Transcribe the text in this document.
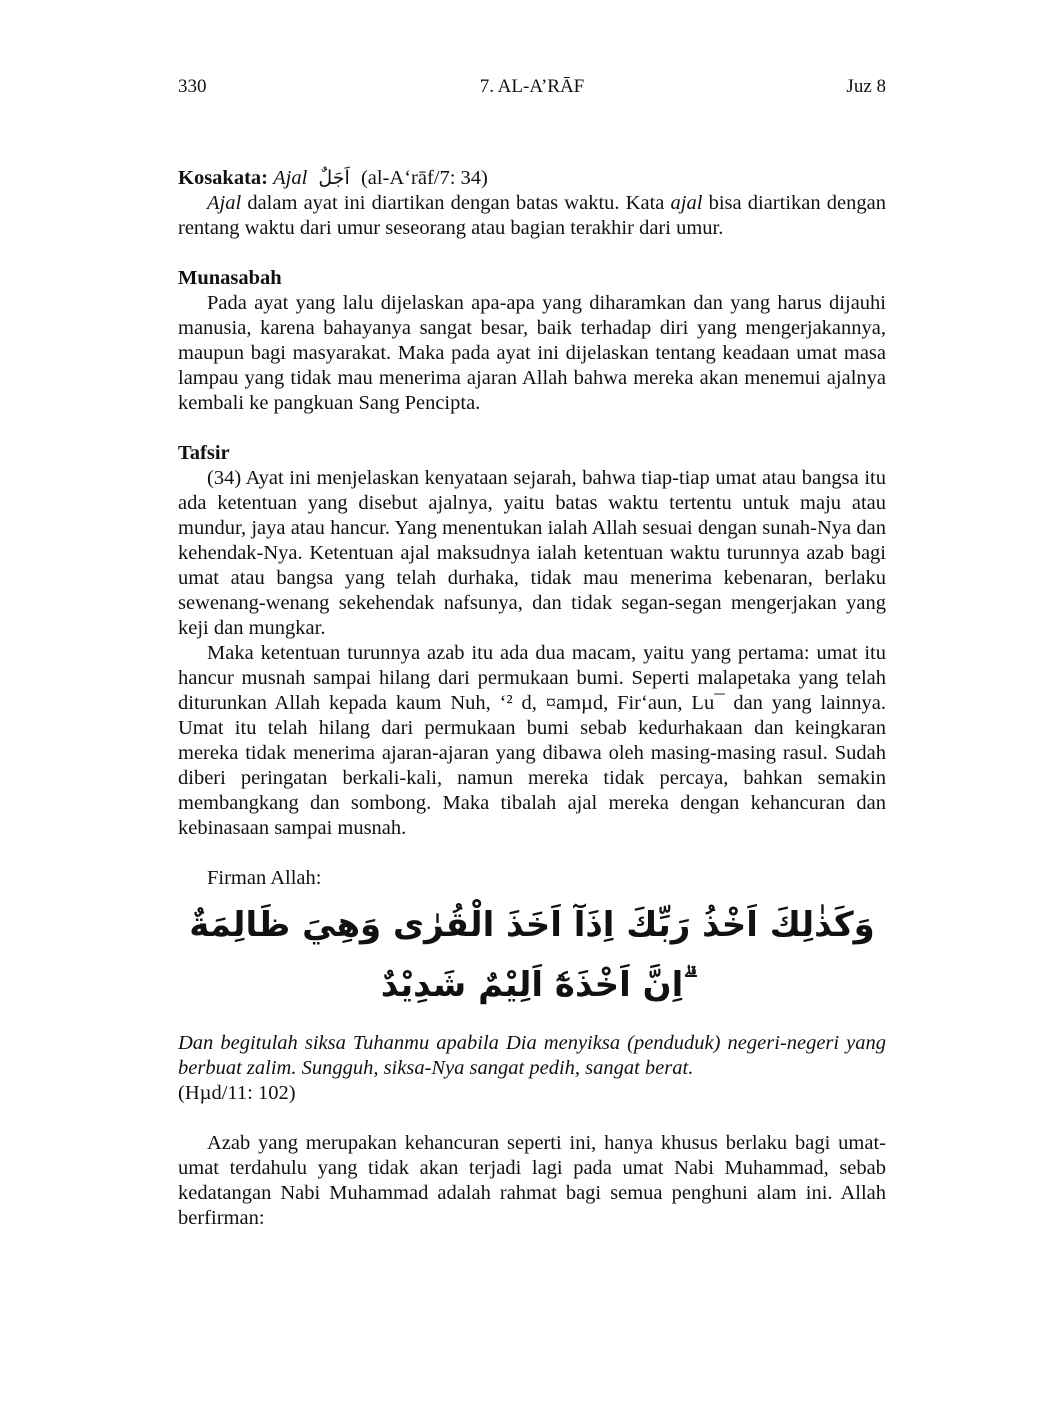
330	7. AL-A’RĀF	Juz 8
Kosakata: Ajal اَجَلٌ (al-A‘rāf/7: 34)

Ajal dalam ayat ini diartikan dengan batas waktu. Kata ajal bisa diartikan dengan rentang waktu dari umur seseorang atau bagian terakhir dari umur.

Munasabah

Pada ayat yang lalu dijelaskan apa-apa yang diharamkan dan yang harus dijauhi manusia, karena bahayanya sangat besar, baik terhadap diri yang mengerjakannya, maupun bagi masyarakat. Maka pada ayat ini dijelaskan tentang keadaan umat masa lampau yang tidak mau menerima ajaran Allah bahwa mereka akan menemui ajalnya kembali ke pangkuan Sang Pencipta.

Tafsir

(34) Ayat ini menjelaskan kenyataan sejarah, bahwa tiap-tiap umat atau bangsa itu ada ketentuan yang disebut ajalnya, yaitu batas waktu tertentu untuk maju atau mundur, jaya atau hancur. Yang menentukan ialah Allah sesuai dengan sunah-Nya dan kehendak-Nya. Ketentuan ajal maksudnya ialah ketentuan waktu turunnya azab bagi umat atau bangsa yang telah durhaka, tidak mau menerima kebenaran, berlaku sewenang-wenang sekehendak nafsunya, dan tidak segan-segan mengerjakan yang keji dan mungkar.

Maka ketentuan turunnya azab itu ada dua macam, yaitu yang pertama: umat itu hancur musnah sampai hilang dari permukaan bumi. Seperti malapetaka yang telah diturunkan Allah kepada kaum Nuh, ‘² d, ¤amµd, Fir‘aun, Lu¯ dan yang lainnya. Umat itu telah hilang dari permukaan bumi sebab kedurhakaan dan keingkaran mereka tidak menerima ajaran-ajaran yang dibawa oleh masing-masing rasul. Sudah diberi peringatan berkali-kali, namun mereka tidak percaya, bahkan semakin membangkang dan sombong. Maka tibalah ajal mereka dengan kehancuran dan kebinasaan sampai musnah.

Firman Allah:

وَكَذٰلِكَ اَخْذُ رَبِّكَ اِذَآ اَخَذَ الْقُرٰى وَهِيَ ظَالِمَةٌ ۗاِنَّ اَخْذَهٗٓ اَلِيْمٌ شَدِيْدٌ

Dan begitulah siksa Tuhanmu apabila Dia menyiksa (penduduk) negeri-negeri yang berbuat zalim. Sungguh, siksa-Nya sangat pedih, sangat berat.

(Hµd/11: 102)

Azab yang merupakan kehancuran seperti ini, hanya khusus berlaku bagi umat-umat terdahulu yang tidak akan terjadi lagi pada umat Nabi Muhammad, sebab kedatangan Nabi Muhammad adalah rahmat bagi semua penghuni alam ini. Allah berfirman:
